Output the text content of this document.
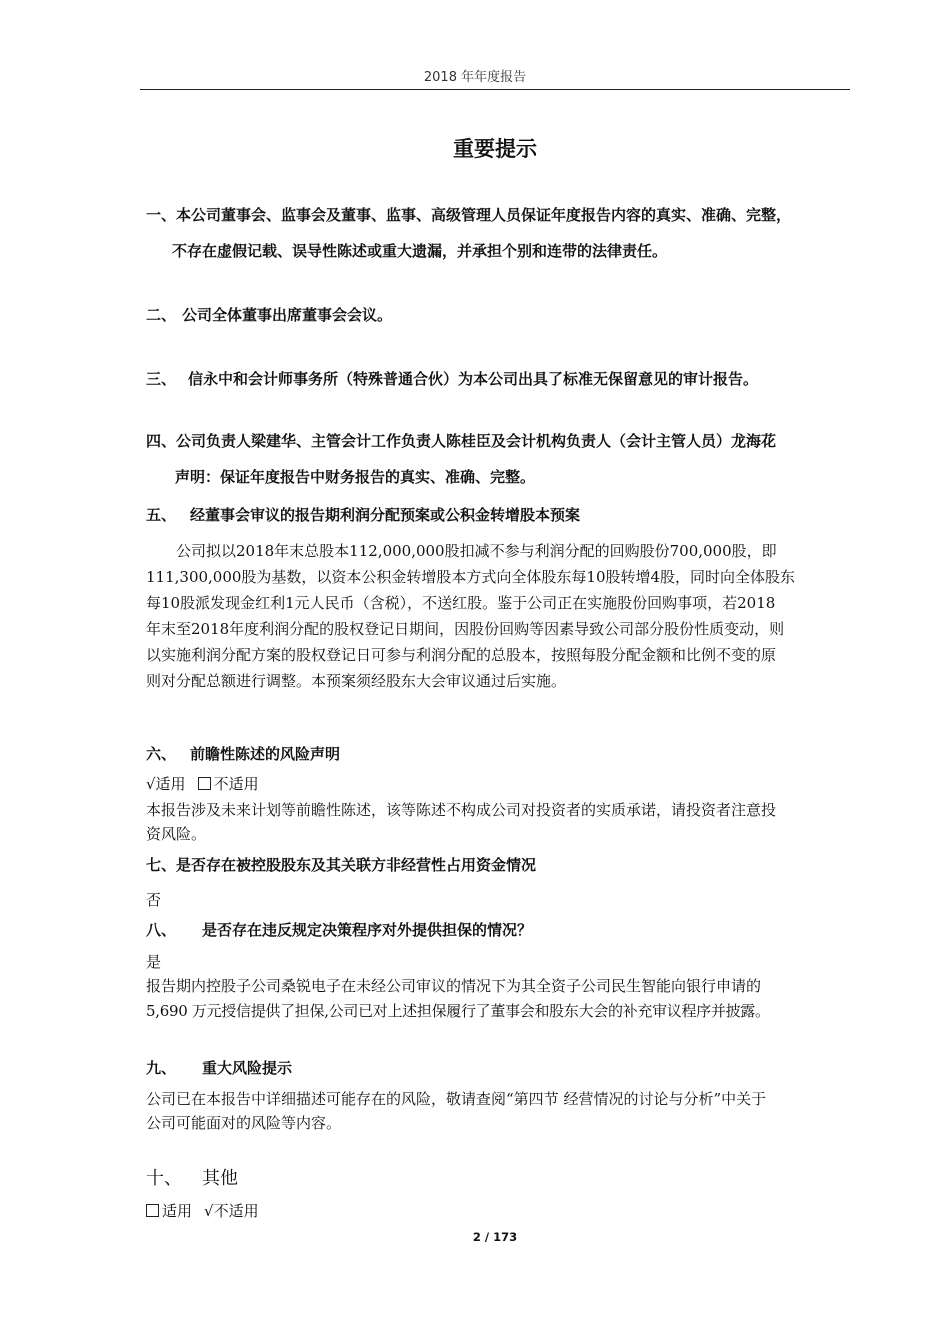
2018 年年度报告
重要提示
一、本公司董事会、监事会及董事、监事、高级管理人员保证年度报告内容的真实、准确、完整，
不存在虚假记载、误导性陈述或重大遗漏，并承担个别和连带的法律责任。
二、 公司全体董事出席董事会会议。
三、 信永中和会计师事务所（特殊普通合伙）为本公司出具了标准无保留意见的审计报告。
四、公司负责人梁建华、主管会计工作负责人陈桂臣及会计机构负责人（会计主管人员）龙海花
声明：保证年度报告中财务报告的真实、准确、完整。
五、 经董事会审议的报告期利润分配预案或公积金转增股本预案
公司拟以2018年末总股本112,000,000股扣减不参与利润分配的回购股份700,000股，即
111,300,000股为基数，以资本公积金转增股本方式向全体股东每10股转增4股，同时向全体股东
每10股派发现金红利1元人民币（含税），不送红股。鉴于公司正在实施股份回购事项，若2018
年末至2018年度利润分配的股权登记日期间，因股份回购等因素导致公司部分股份性质变动，则
以实施利润分配方案的股权登记日可参与利润分配的总股本，按照每股分配金额和比例不变的原
则对分配总额进行调整。本预案须经股东大会审议通过后实施。
六、 前瞻性陈述的风险声明
√适用 不适用
本报告涉及未来计划等前瞻性陈述，该等陈述不构成公司对投资者的实质承诺，请投资者注意投
资风险。
七、是否存在被控股股东及其关联方非经营性占用资金情况
否
八、 是否存在违反规定决策程序对外提供担保的情况？
是
报告期内控股子公司桑锐电子在未经公司审议的情况下为其全资子公司民生智能向银行申请的
5,690 万元授信提供了担保,公司已对上述担保履行了董事会和股东大会的补充审议程序并披露。
九、 重大风险提示
公司已在本报告中详细描述可能存在的风险，敬请查阅“第四节 经营情况的讨论与分析”中关于
公司可能面对的风险等内容。
十、 其他
适用 √不适用
2 / 173
